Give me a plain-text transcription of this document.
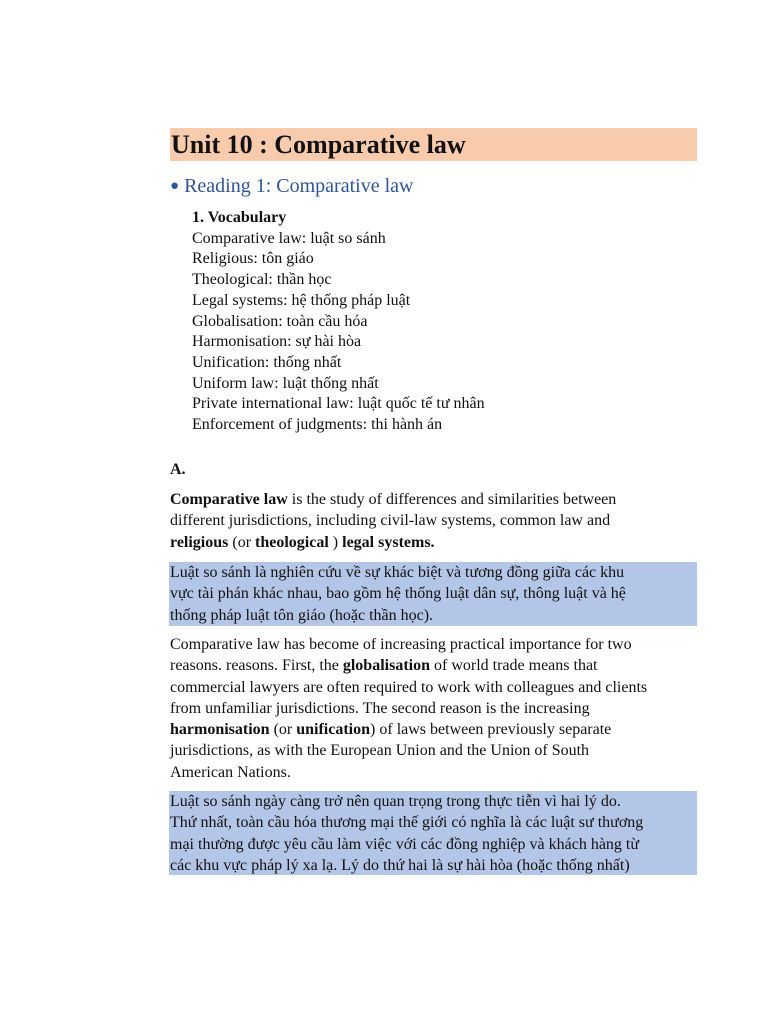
Unit 10 : Comparative law
● Reading 1: Comparative law
1. Vocabulary
Comparative law: luật so sánh
Religious: tôn giáo
Theological: thần học
Legal systems: hệ thống pháp luật
Globalisation: toàn cầu hóa
Harmonisation: sự hài hòa
Unification: thống nhất
Uniform law: luật thống nhất
Private international law: luật quốc tế tư nhân
Enforcement of judgments: thi hành án
A.
Comparative law is the study of differences and similarities between
different jurisdictions, including civil-law systems, common law and
religious (or theological ) legal systems.
Luật so sánh là nghiên cứu về sự khác biệt và tương đồng giữa các khu
vực tài phán khác nhau, bao gồm hệ thống luật dân sự, thông luật và hệ
thống pháp luật tôn giáo (hoặc thần học).
Comparative law has become of increasing practical importance for two
reasons. reasons. First, the globalisation of world trade means that
commercial lawyers are often required to work with colleagues and clients
from unfamiliar jurisdictions. The second reason is the increasing
harmonisation (or unification) of laws between previously separate
jurisdictions, as with the European Union and the Union of South
American Nations.
Luật so sánh ngày càng trở nên quan trọng trong thực tiễn vì hai lý do.
Thứ nhất, toàn cầu hóa thương mại thế giới có nghĩa là các luật sư thương
mại thường được yêu cầu làm việc với các đồng nghiệp và khách hàng từ
các khu vực pháp lý xa lạ. Lý do thứ hai là sự hài hòa (hoặc thống nhất)
